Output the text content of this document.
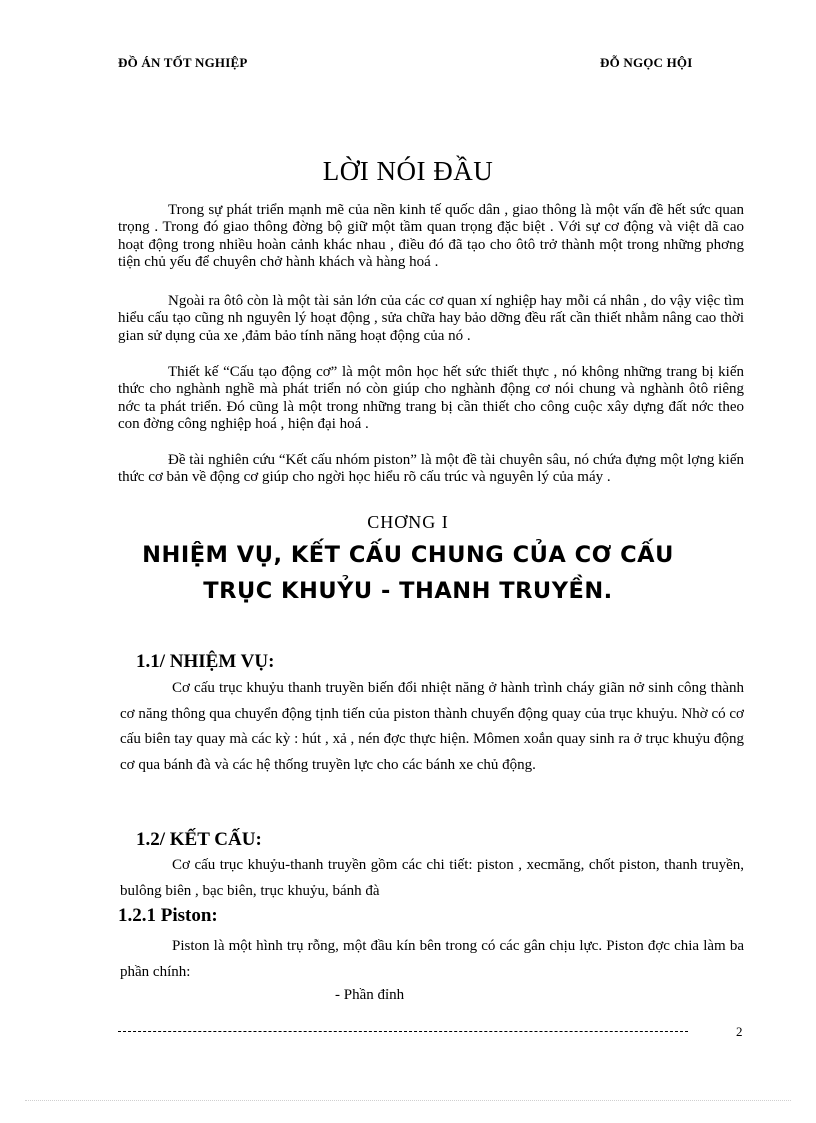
ĐỒ ÁN TỐT NGHIỆP	ĐỖ NGỌC HỘI
LỜI NÓI ĐẦU

Trong sự phát triển mạnh mẽ của nền kinh tế quốc dân , giao thông là một vấn đề hết sức quan trọng . Trong đó giao thông đờng bộ giữ một tầm quan trọng đặc biệt . Với sự cơ động và việt dã cao hoạt động trong nhiều hoàn cảnh khác nhau , điều đó đã tạo cho ôtô trở thành một trong những phơng tiện chủ yếu để chuyên chở hành khách và hàng hoá .

Ngoài ra ôtô còn là một tài sản lớn của các cơ quan xí nghiệp hay mỗi cá nhân , do vậy việc tìm hiểu cấu tạo cũng nh nguyên lý hoạt động , sửa chữa hay bảo dỡng đều rất cần thiết nhằm nâng cao thời gian sử dụng của xe ,đảm bảo tính năng hoạt động của nó .

Thiết kế “Cấu tạo động cơ” là một môn học hết sức thiết thực , nó không những trang bị kiến thức cho nghành nghề mà phát triển nó còn giúp cho nghành động cơ nói chung và nghành ôtô riêng nớc ta phát triển. Đó cũng là một trong những trang bị cần thiết cho công cuộc xây dựng đất nớc theo con đờng công nghiệp hoá , hiện đại hoá .

Đề tài nghiên cứu “Kết cấu nhóm piston” là một đề tài chuyên sâu, nó chứa đựng một lợng kiến thức cơ bản về động cơ giúp cho ngời học hiểu rõ cấu trúc và nguyên lý của máy .

CHƠNG I
NHIỆM VỤ, KẾT CẤU CHUNG CỦA CƠ CẤU
TRỤC KHUỶU - THANH TRUYỀN.
1.1/ NHIỆM VỤ:

Cơ cấu trục khuỷu thanh truyền biến đổi nhiệt năng ở hành trình cháy giãn nở sinh công thành cơ năng thông qua chuyển động tịnh tiến của piston thành chuyển động quay của trục khuỷu. Nhờ có cơ cấu biên tay quay mà các kỳ : hút , xả , nén đợc thực hiện. Mômen xoắn quay sinh ra ở trục khuỷu động cơ qua bánh đà và các hệ thống truyền lực cho các bánh xe chủ động.

1.2/ KẾT CẤU:

Cơ cấu trục khuỷu-thanh truyền gồm các chi tiết: piston , xecmăng, chốt piston, thanh truyền, bulông biên , bạc biên, trục khuỷu, bánh đà

1.2.1 Piston:

Piston là một hình trụ rỗng, một đầu kín bên trong có các gân chịu lực. Piston đợc chia làm ba phần chính:

- Phần đỉnh
2
